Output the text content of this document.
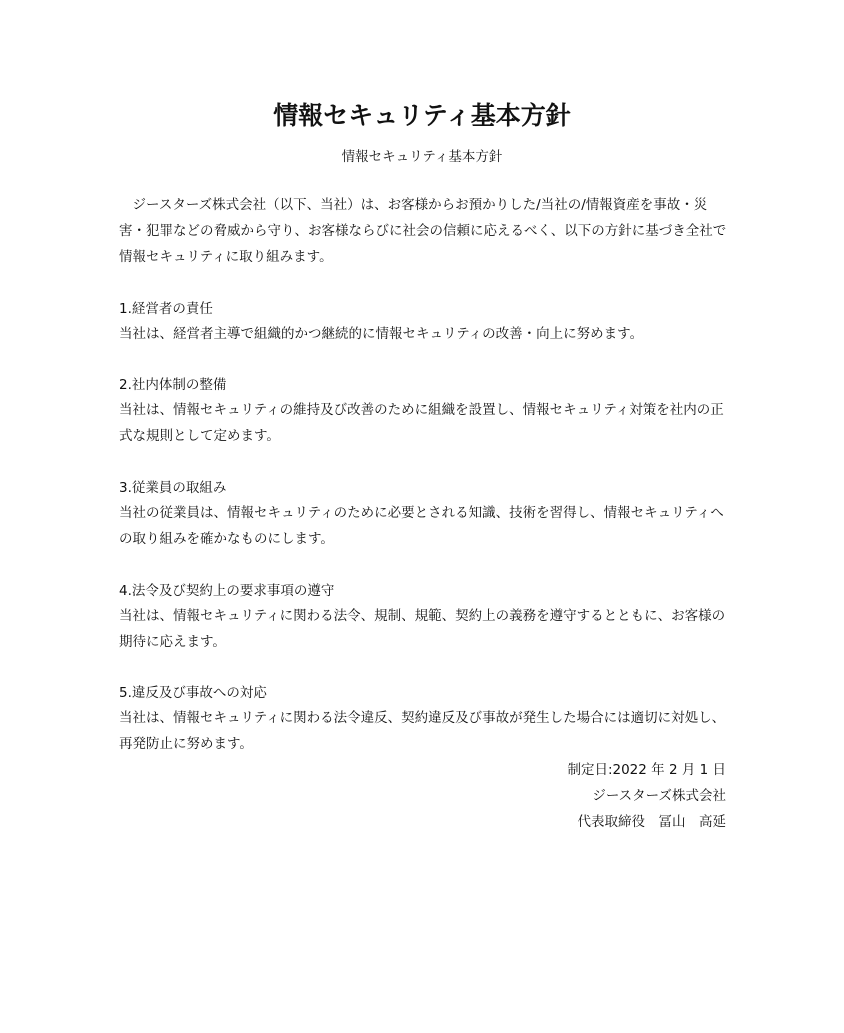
情報セキュリティ基本方針

情報セキュリティ基本方針

ジースターズ株式会社（以下、当社）は、お客様からお預かりした/当社の/情報資産を事故・災害・犯罪などの脅威から守り、お客様ならびに社会の信頼に応えるべく、以下の方針に基づき全社で情報セキュリティに取り組みます。

1.経営者の責任

当社は、経営者主導で組織的かつ継続的に情報セキュリティの改善・向上に努めます。

2.社内体制の整備

当社は、情報セキュリティの維持及び改善のために組織を設置し、情報セキュリティ対策を社内の正式な規則として定めます。

3.従業員の取組み

当社の従業員は、情報セキュリティのために必要とされる知識、技術を習得し、情報セキュリティへの取り組みを確かなものにします。

4.法令及び契約上の要求事項の遵守

当社は、情報セキュリティに関わる法令、規制、規範、契約上の義務を遵守するとともに、お客様の期待に応えます。

5.違反及び事故への対応

当社は、情報セキュリティに関わる法令違反、契約違反及び事故が発生した場合には適切に対処し、再発防止に努めます。

制定日:2022 年 2 月 1 日

ジースターズ株式会社

代表取締役　冨山　高延
